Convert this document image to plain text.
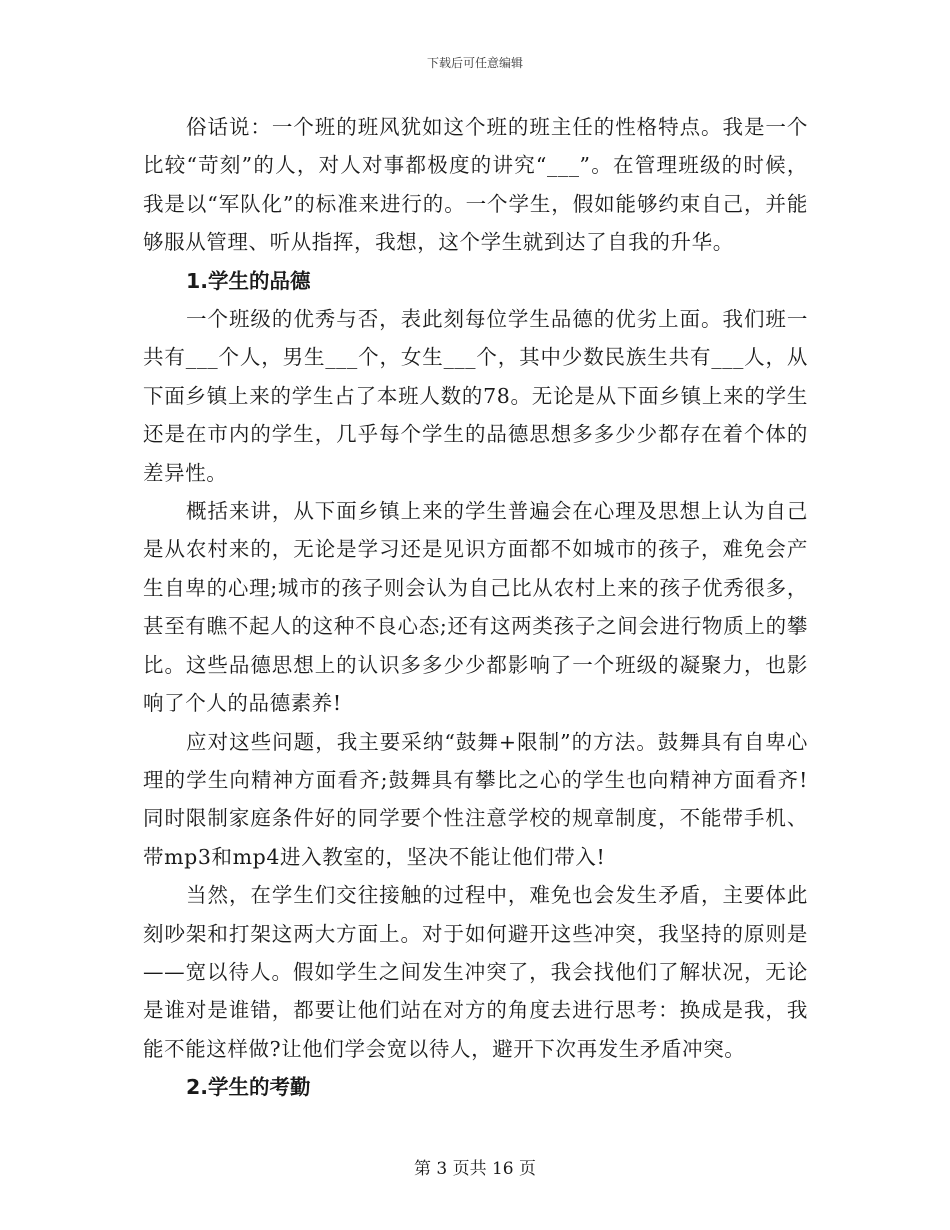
下载后可任意编辑

俗话说：一个班的班风犹如这个班的班主任的性格特点。我是一个比较“苛刻”的人，对人对事都极度的讲究“___”。在管理班级的时候，我是以“军队化”的标准来进行的。一个学生，假如能够约束自己，并能够服从管理、听从指挥，我想，这个学生就到达了自我的升华。

1.学生的品德

一个班级的优秀与否，表此刻每位学生品德的优劣上面。我们班一共有___个人，男生___个，女生___个，其中少数民族生共有___人，从下面乡镇上来的学生占了本班人数的78。无论是从下面乡镇上来的学生还是在市内的学生，几乎每个学生的品德思想多多少少都存在着个体的差异性。

概括来讲，从下面乡镇上来的学生普遍会在心理及思想上认为自己是从农村来的，无论是学习还是见识方面都不如城市的孩子，难免会产生自卑的心理;城市的孩子则会认为自己比从农村上来的孩子优秀很多，甚至有瞧不起人的这种不良心态;还有这两类孩子之间会进行物质上的攀比。这些品德思想上的认识多多少少都影响了一个班级的凝聚力，也影响了个人的品德素养!

应对这些问题，我主要采纳“鼓舞+限制”的方法。鼓舞具有自卑心理的学生向精神方面看齐;鼓舞具有攀比之心的学生也向精神方面看齐!同时限制家庭条件好的同学要个性注意学校的规章制度，不能带手机、带mp3和mp4进入教室的，坚决不能让他们带入!

当然，在学生们交往接触的过程中，难免也会发生矛盾，主要体此刻吵架和打架这两大方面上。对于如何避开这些冲突，我坚持的原则是——宽以待人。假如学生之间发生冲突了，我会找他们了解状况，无论是谁对是谁错，都要让他们站在对方的角度去进行思考：换成是我，我能不能这样做?让他们学会宽以待人，避开下次再发生矛盾冲突。

2.学生的考勤

第 3 页共 16 页
